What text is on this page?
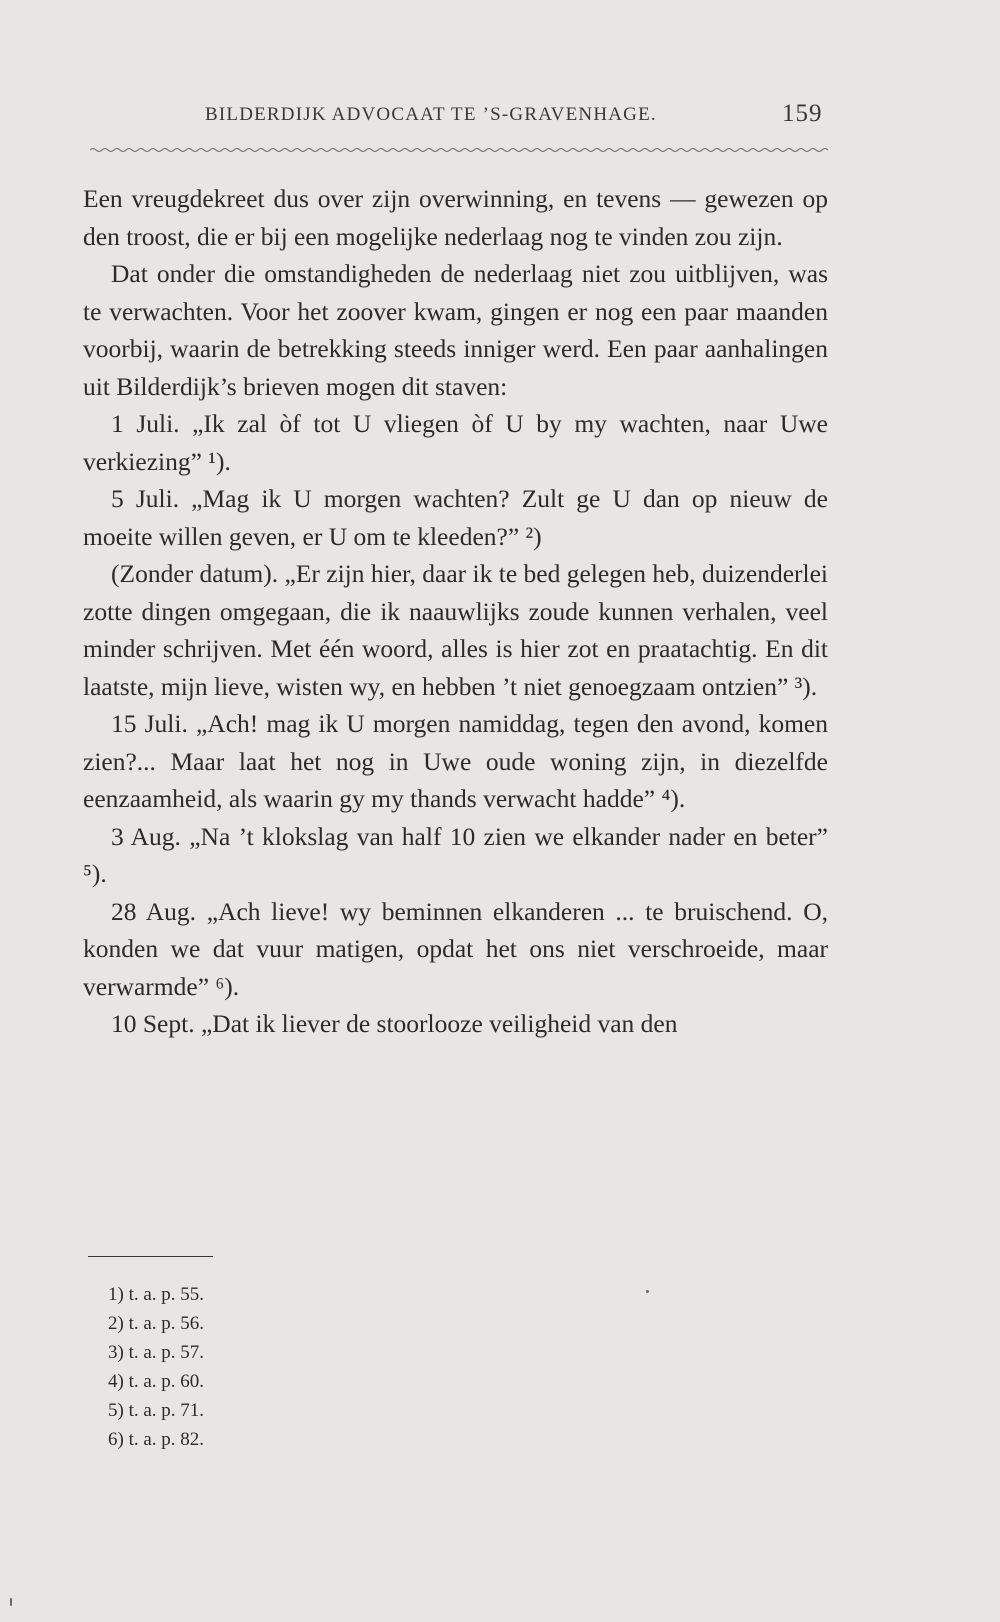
BILDERDIJK ADVOCAAT TE ’S-GRAVENHAGE.	159

Een vreugdekreet dus over zijn overwinning, en tevens — gewezen op den troost, die er bij een mogelijke nederlaag nog te vinden zou zijn.

Dat onder die omstandigheden de nederlaag niet zou uitblijven, was te verwachten. Voor het zoover kwam, gingen er nog een paar maanden voorbij, waarin de betrekking steeds inniger werd. Een paar aanhalingen uit Bilderdijk’s brieven mogen dit staven:

1 Juli. „Ik zal òf tot U vliegen òf U by my wachten, naar Uwe verkiezing” ¹).

5 Juli. „Mag ik U morgen wachten? Zult ge U dan op nieuw de moeite willen geven, er U om te kleeden?” ²)

(Zonder datum). „Er zijn hier, daar ik te bed gelegen heb, duizenderlei zotte dingen omgegaan, die ik naauwlijks zoude kunnen verhalen, veel minder schrijven. Met één woord, alles is hier zot en praatachtig. En dit laatste, mijn lieve, wisten wy, en hebben ’t niet genoegzaam ontzien” ³).

15 Juli. „Ach! mag ik U morgen namiddag, tegen den avond, komen zien?... Maar laat het nog in Uwe oude woning zijn, in diezelfde eenzaamheid, als waarin gy my thands verwacht hadde” ⁴).

3 Aug. „Na ’t klokslag van half 10 zien we elkander nader en beter” ⁵).

28 Aug. „Ach lieve! wy beminnen elkanderen ... te bruischend. O, konden we dat vuur matigen, opdat het ons niet verschroeide, maar verwarmde” ⁶).

10 Sept. „Dat ik liever de stoorlooze veiligheid van den

1) t. a. p. 55.

2) t. a. p. 56.

3) t. a. p. 57.

4) t. a. p. 60.

5) t. a. p. 71.

6) t. a. p. 82.
